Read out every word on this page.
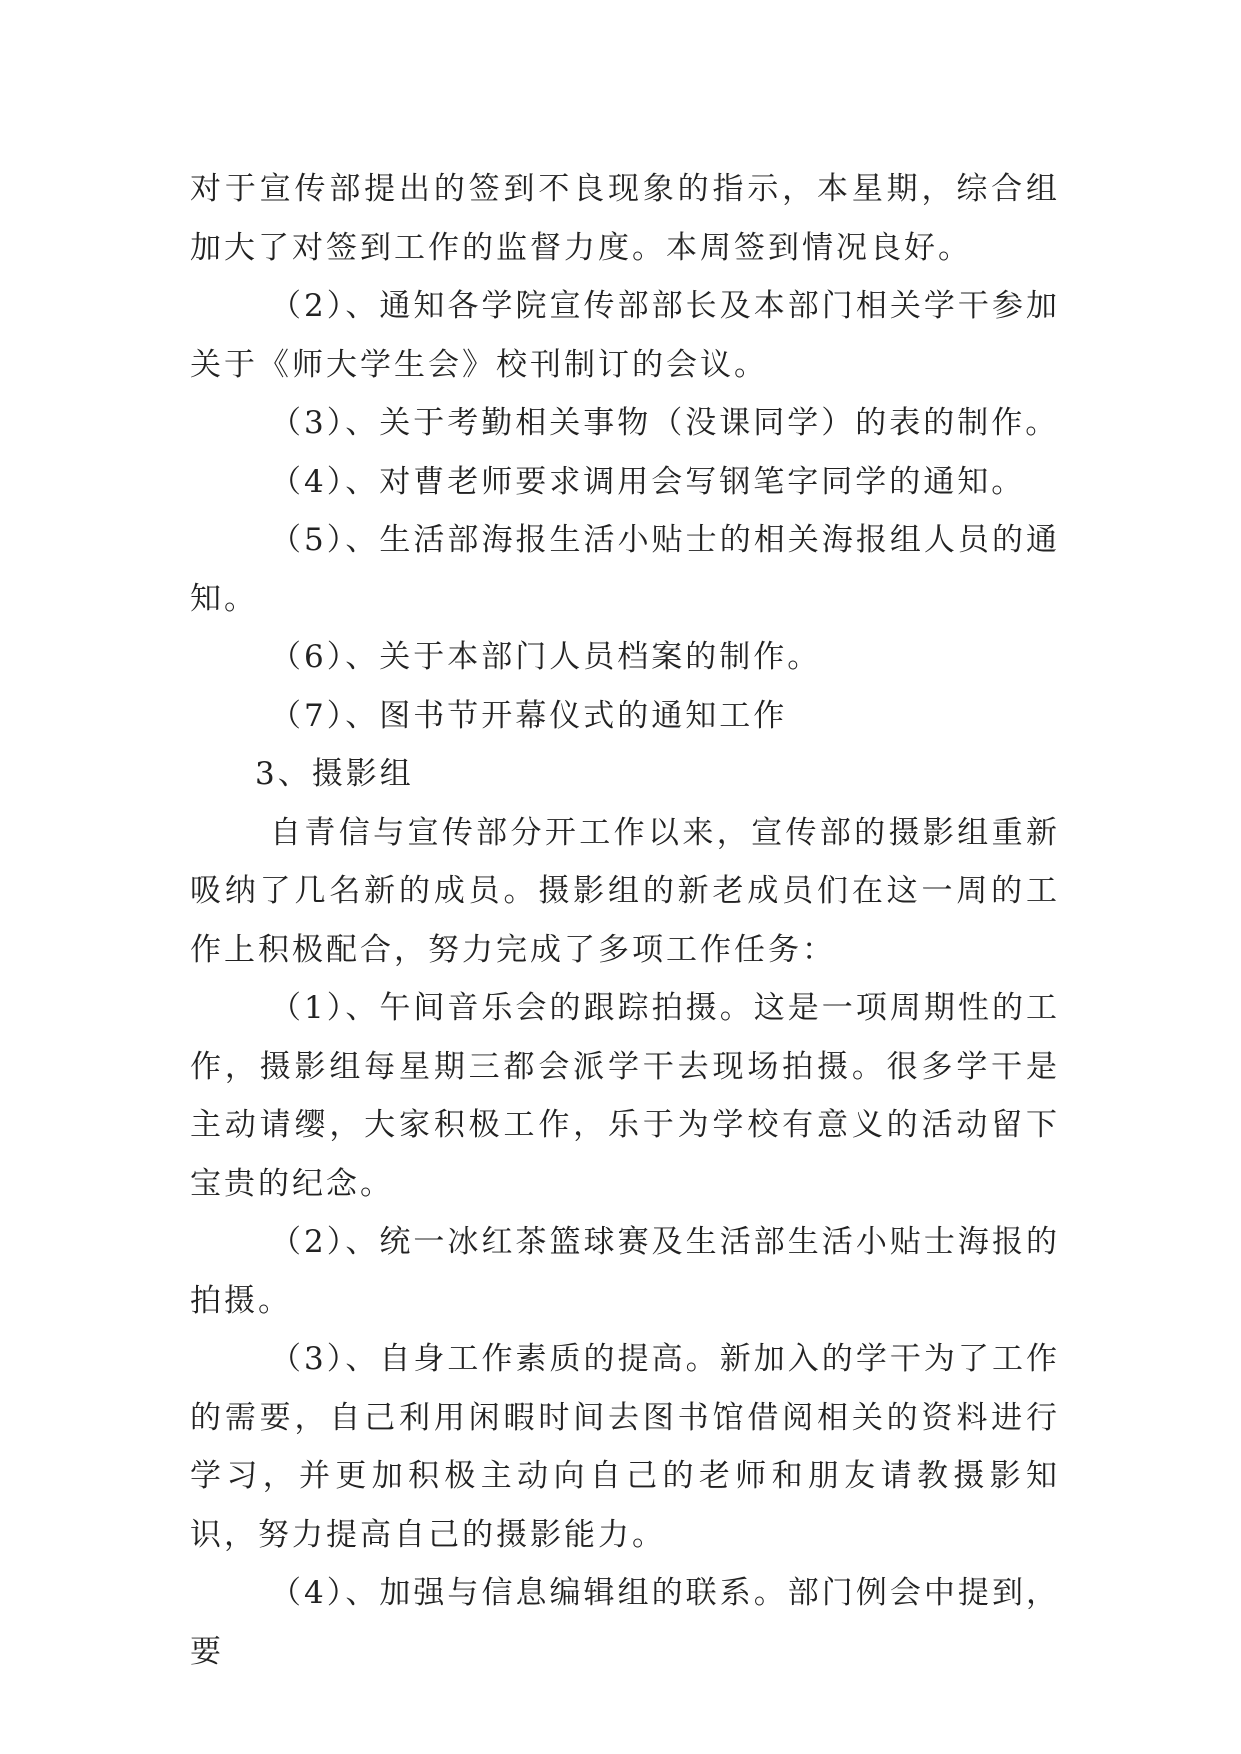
对于宣传部提出的签到不良现象的指示，本星期，综合组加大了对签到工作的监督力度。本周签到情况良好。

（2）、通知各学院宣传部部长及本部门相关学干参加关于《师大学生会》校刊制订的会议。

（3）、关于考勤相关事物（没课同学）的表的制作。

（4）、对曹老师要求调用会写钢笔字同学的通知。

（5）、生活部海报生活小贴士的相关海报组人员的通知。

（6）、关于本部门人员档案的制作。

（7）、图书节开幕仪式的通知工作

3、摄影组

自青信与宣传部分开工作以来，宣传部的摄影组重新吸纳了几名新的成员。摄影组的新老成员们在这一周的工作上积极配合，努力完成了多项工作任务：

（1）、午间音乐会的跟踪拍摄。这是一项周期性的工作，摄影组每星期三都会派学干去现场拍摄。很多学干是主动请缨，大家积极工作，乐于为学校有意义的活动留下宝贵的纪念。

（2）、统一冰红茶篮球赛及生活部生活小贴士海报的拍摄。

（3）、自身工作素质的提高。新加入的学干为了工作的需要，自己利用闲暇时间去图书馆借阅相关的资料进行学习，并更加积极主动向自己的老师和朋友请教摄影知识，努力提高自己的摄影能力。

（4）、加强与信息编辑组的联系。部门例会中提到，要
